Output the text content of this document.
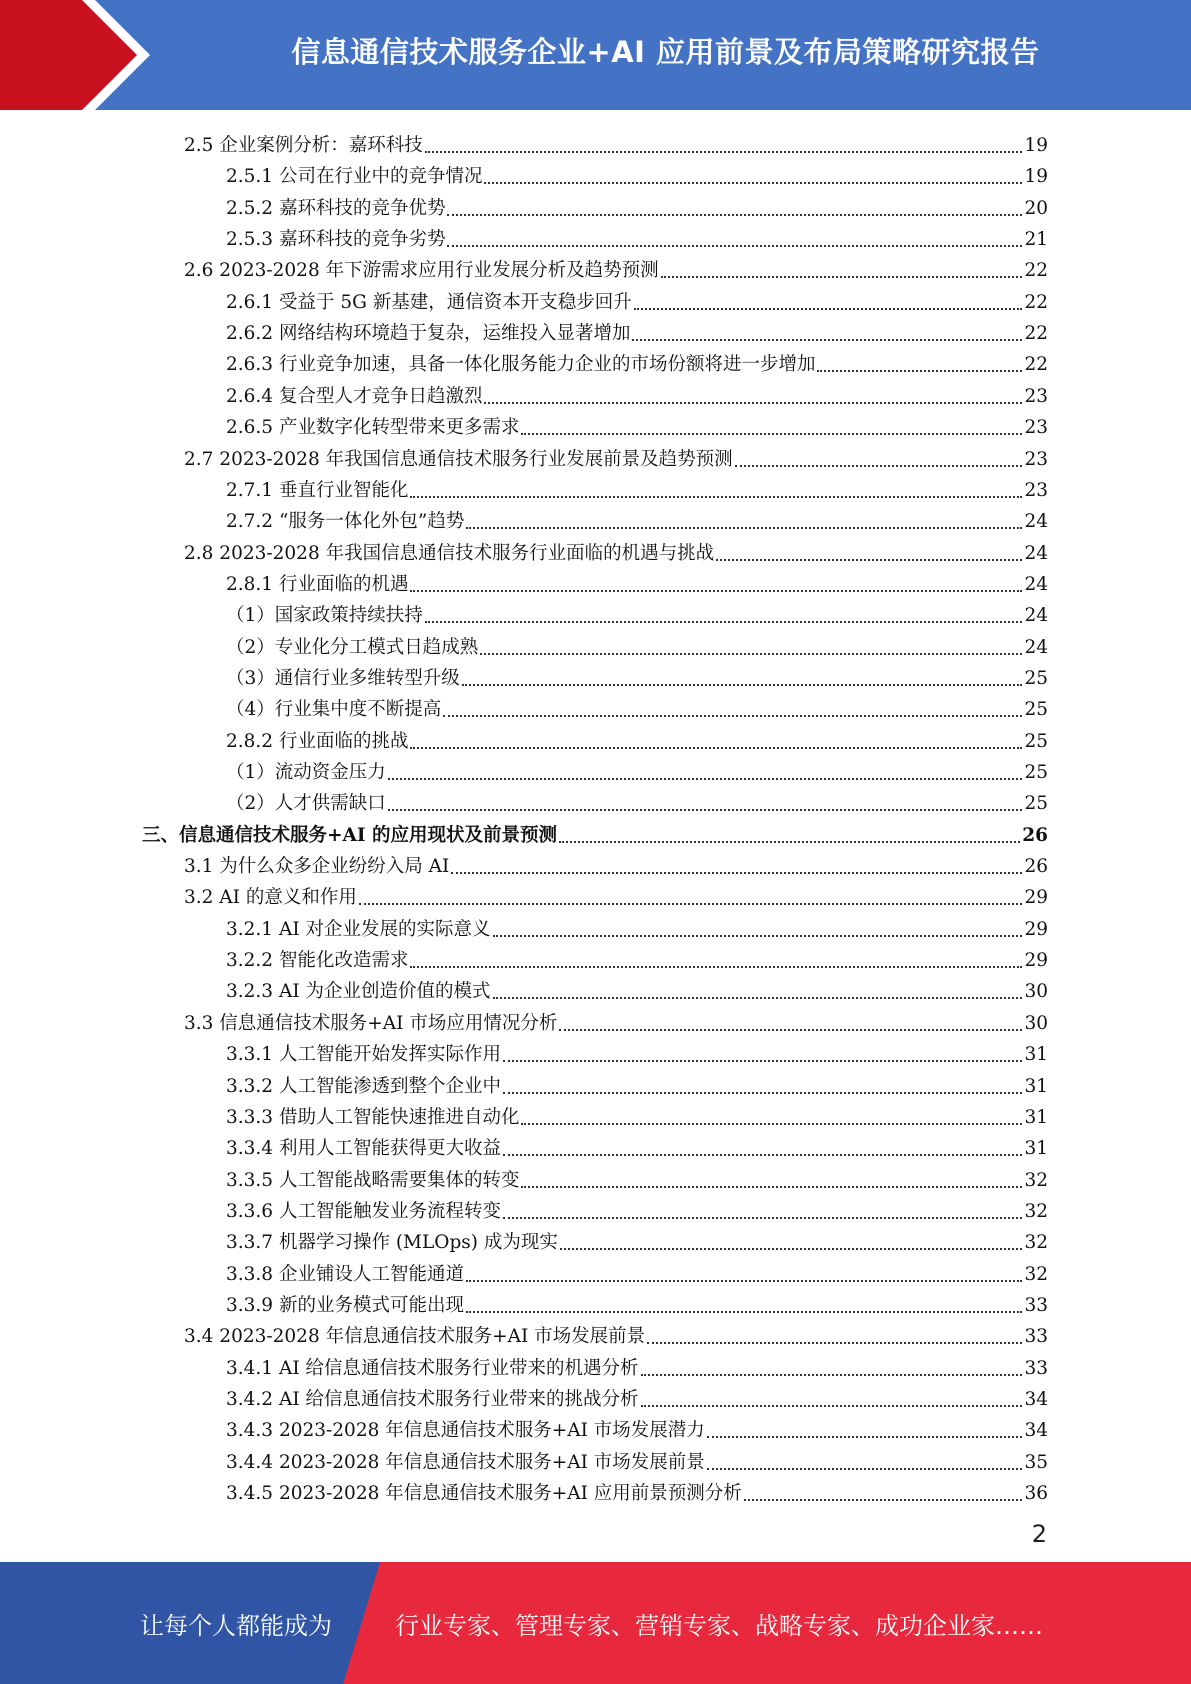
信息通信技术服务企业+AI 应用前景及布局策略研究报告
2.5 企业案例分析：嘉环科技	19
2.5.1 公司在行业中的竞争情况	19
2.5.2 嘉环科技的竞争优势	20
2.5.3 嘉环科技的竞争劣势	21
2.6 2023-2028 年下游需求应用行业发展分析及趋势预测	22
2.6.1 受益于 5G 新基建，通信资本开支稳步回升	22
2.6.2 网络结构环境趋于复杂，运维投入显著增加	22
2.6.3 行业竞争加速，具备一体化服务能力企业的市场份额将进一步增加	22
2.6.4 复合型人才竞争日趋激烈	23
2.6.5 产业数字化转型带来更多需求	23
2.7 2023-2028 年我国信息通信技术服务行业发展前景及趋势预测	23
2.7.1 垂直行业智能化	23
2.7.2 “服务一体化外包”趋势	24
2.8 2023-2028 年我国信息通信技术服务行业面临的机遇与挑战	24
2.8.1 行业面临的机遇	24
（1）国家政策持续扶持	24
（2）专业化分工模式日趋成熟	24
（3）通信行业多维转型升级	25
（4）行业集中度不断提高	25
2.8.2 行业面临的挑战	25
（1）流动资金压力	25
（2）人才供需缺口	25
三、信息通信技术服务+AI 的应用现状及前景预测	26
3.1 为什么众多企业纷纷入局 AI	26
3.2 AI 的意义和作用	29
3.2.1 AI 对企业发展的实际意义	29
3.2.2 智能化改造需求	29
3.2.3 AI 为企业创造价值的模式	30
3.3 信息通信技术服务+AI 市场应用情况分析	30
3.3.1 人工智能开始发挥实际作用	31
3.3.2 人工智能渗透到整个企业中	31
3.3.3 借助人工智能快速推进自动化	31
3.3.4 利用人工智能获得更大收益	31
3.3.5 人工智能战略需要集体的转变	32
3.3.6 人工智能触发业务流程转变	32
3.3.7 机器学习操作 (MLOps) 成为现实	32
3.3.8 企业铺设人工智能通道	32
3.3.9 新的业务模式可能出现	33
3.4 2023-2028 年信息通信技术服务+AI 市场发展前景	33
3.4.1 AI 给信息通信技术服务行业带来的机遇分析	33
3.4.2 AI 给信息通信技术服务行业带来的挑战分析	34
3.4.3 2023-2028 年信息通信技术服务+AI 市场发展潜力	34
3.4.4 2023-2028 年信息通信技术服务+AI 市场发展前景	35
3.4.5 2023-2028 年信息通信技术服务+AI 应用前景预测分析	36
2
让每个人都能成为	行业专家、管理专家、营销专家、战略专家、成功企业家……
